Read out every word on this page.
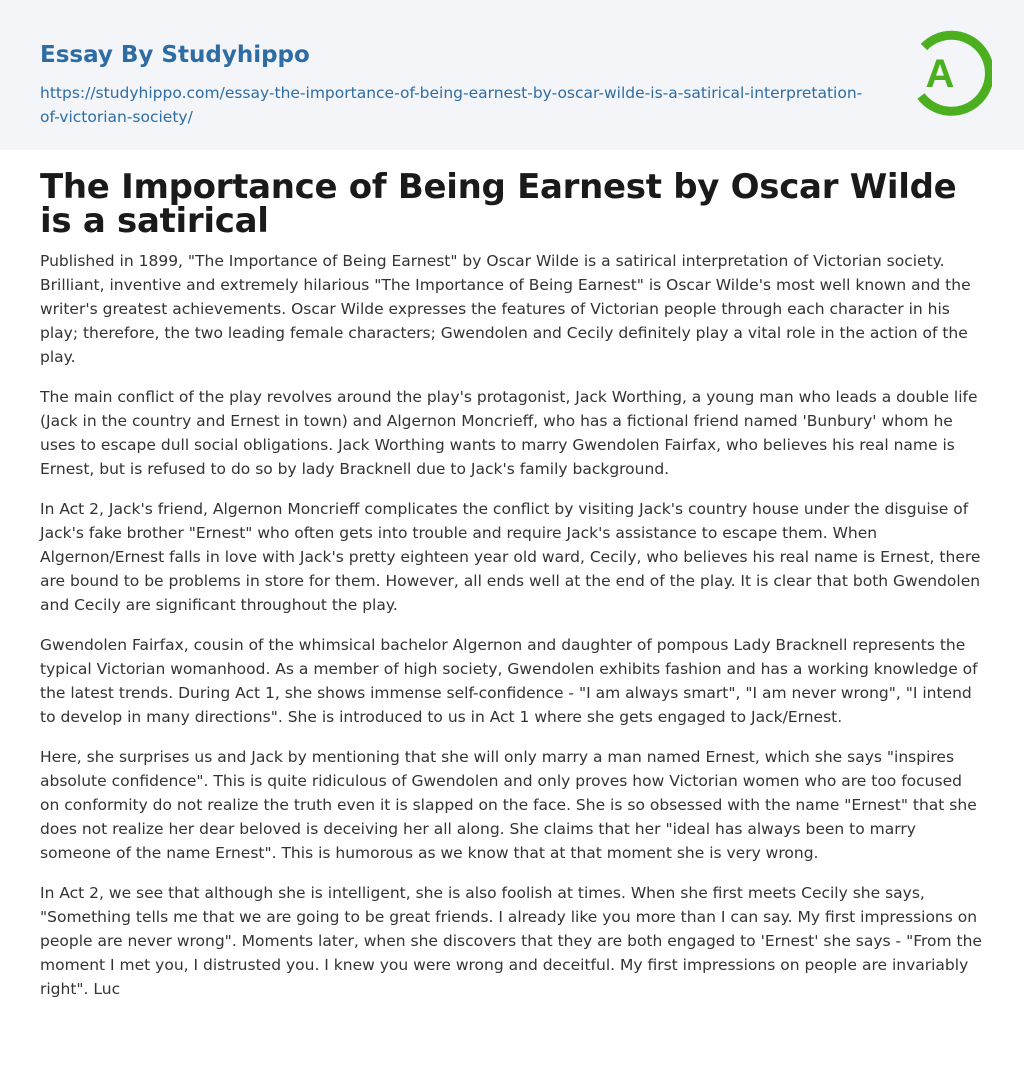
Essay By Studyhippo
https://studyhippo.com/essay-the-importance-of-being-earnest-by-oscar-wilde-is-a-satirical-interpretation-of-victorian-society/
A
The Importance of Being Earnest by Oscar Wilde is a satirical

Published in 1899, "The Importance of Being Earnest" by Oscar Wilde is a satirical interpretation of Victorian society. Brilliant, inventive and extremely hilarious "The Importance of Being Earnest" is Oscar Wilde's most well known and the writer's greatest achievements. Oscar Wilde expresses the features of Victorian people through each character in his play; therefore, the two leading female characters; Gwendolen and Cecily definitely play a vital role in the action of the play.

The main conflict of the play revolves around the play's protagonist, Jack Worthing, a young man who leads a double life (Jack in the country and Ernest in town) and Algernon Moncrieff, who has a fictional friend named 'Bunbury' whom he uses to escape dull social obligations. Jack Worthing wants to marry Gwendolen Fairfax, who believes his real name is Ernest, but is refused to do so by lady Bracknell due to Jack's family background.

In Act 2, Jack's friend, Algernon Moncrieff complicates the conflict by visiting Jack's country house under the disguise of Jack's fake brother "Ernest" who often gets into trouble and require Jack's assistance to escape them. When Algernon/Ernest falls in love with Jack's pretty eighteen year old ward, Cecily, who believes his real name is Ernest, there are bound to be problems in store for them. However, all ends well at the end of the play. It is clear that both Gwendolen and Cecily are significant throughout the play.

Gwendolen Fairfax, cousin of the whimsical bachelor Algernon and daughter of pompous Lady Bracknell represents the typical Victorian womanhood. As a member of high society, Gwendolen exhibits fashion and has a working knowledge of the latest trends. During Act 1, she shows immense self-confidence - "I am always smart", "I am never wrong", "I intend to develop in many directions". She is introduced to us in Act 1 where she gets engaged to Jack/Ernest.

Here, she surprises us and Jack by mentioning that she will only marry a man named Ernest, which she says "inspires absolute confidence". This is quite ridiculous of Gwendolen and only proves how Victorian women who are too focused on conformity do not realize the truth even it is slapped on the face. She is so obsessed with the name "Ernest" that she does not realize her dear beloved is deceiving her all along. She claims that her "ideal has always been to marry someone of the name Ernest". This is humorous as we know that at that moment she is very wrong.

In Act 2, we see that although she is intelligent, she is also foolish at times. When she first meets Cecily she says, "Something tells me that we are going to be great friends. I already like you more than I can say. My first impressions on people are never wrong". Moments later, when she discovers that they are both engaged to 'Ernest' she says - "From the moment I met you, I distrusted you. I knew you were wrong and deceitful. My first impressions on people are invariably right". Luc
